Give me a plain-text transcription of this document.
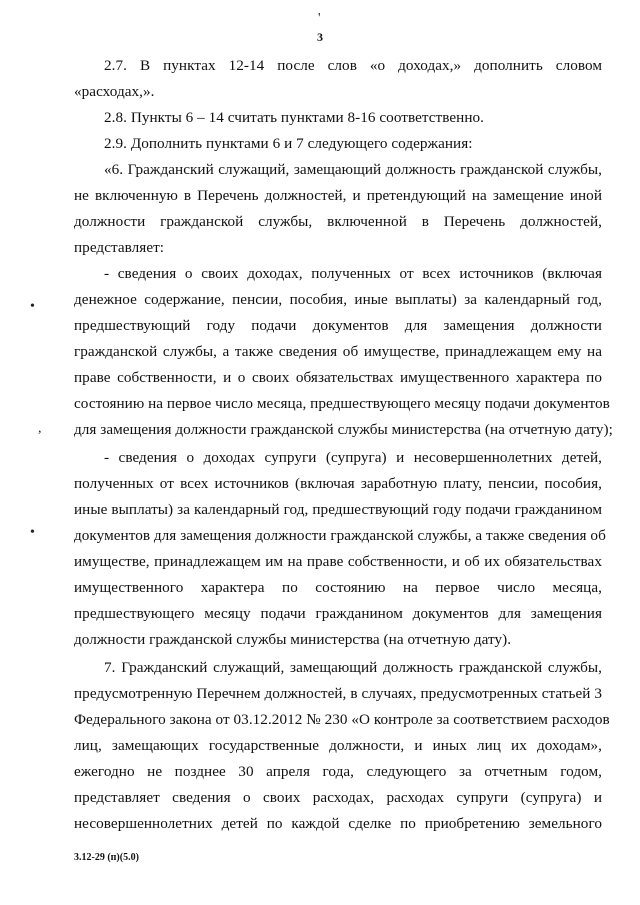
3
'
•
,
•
2.7. В пунктах 12-14 после слов «о доходах,» дополнить словом
«расходах,».
2.8. Пункты 6 – 14 считать пунктами 8-16 соответственно.
2.9. Дополнить пунктами 6 и 7 следующего содержания:
«6. Гражданский служащий, замещающий должность гражданской службы,
не включенную в Перечень должностей, и претендующий на замещение иной
должности гражданской службы, включенной в Перечень должностей,
представляет:
- сведения о своих доходах, полученных от всех источников (включая
денежное содержание, пенсии, пособия, иные выплаты) за календарный год,
предшествующий году подачи документов для замещения должности
гражданской службы, а также сведения об имуществе, принадлежащем ему на
праве собственности, и о своих обязательствах имущественного характера по
состоянию на первое число месяца, предшествующего месяцу подачи документов
для замещения должности гражданской службы министерства (на отчетную дату);
- сведения о доходах супруги (супруга) и несовершеннолетних детей,
полученных от всех источников (включая заработную плату, пенсии, пособия,
иные выплаты) за календарный год, предшествующий году подачи гражданином
документов для замещения должности гражданской службы, а также сведения об
имуществе, принадлежащем им на праве собственности, и об их обязательствах
имущественного характера по состоянию на первое число месяца,
предшествующего месяцу подачи гражданином документов для замещения
должности гражданской службы министерства (на отчетную дату).
7. Гражданский служащий, замещающий должность гражданской службы,
предусмотренную Перечнем должностей, в случаях, предусмотренных статьей 3
Федерального закона от 03.12.2012 № 230 «О контроле за соответствием расходов
лиц, замещающих государственные должности, и иных лиц их доходам»,
ежегодно не позднее 30 апреля года, следующего за отчетным годом,
представляет сведения о своих расходах, расходах супруги (супруга) и
несовершеннолетних детей по каждой сделке по приобретению земельного
3.12-29 (п)(5.0)
